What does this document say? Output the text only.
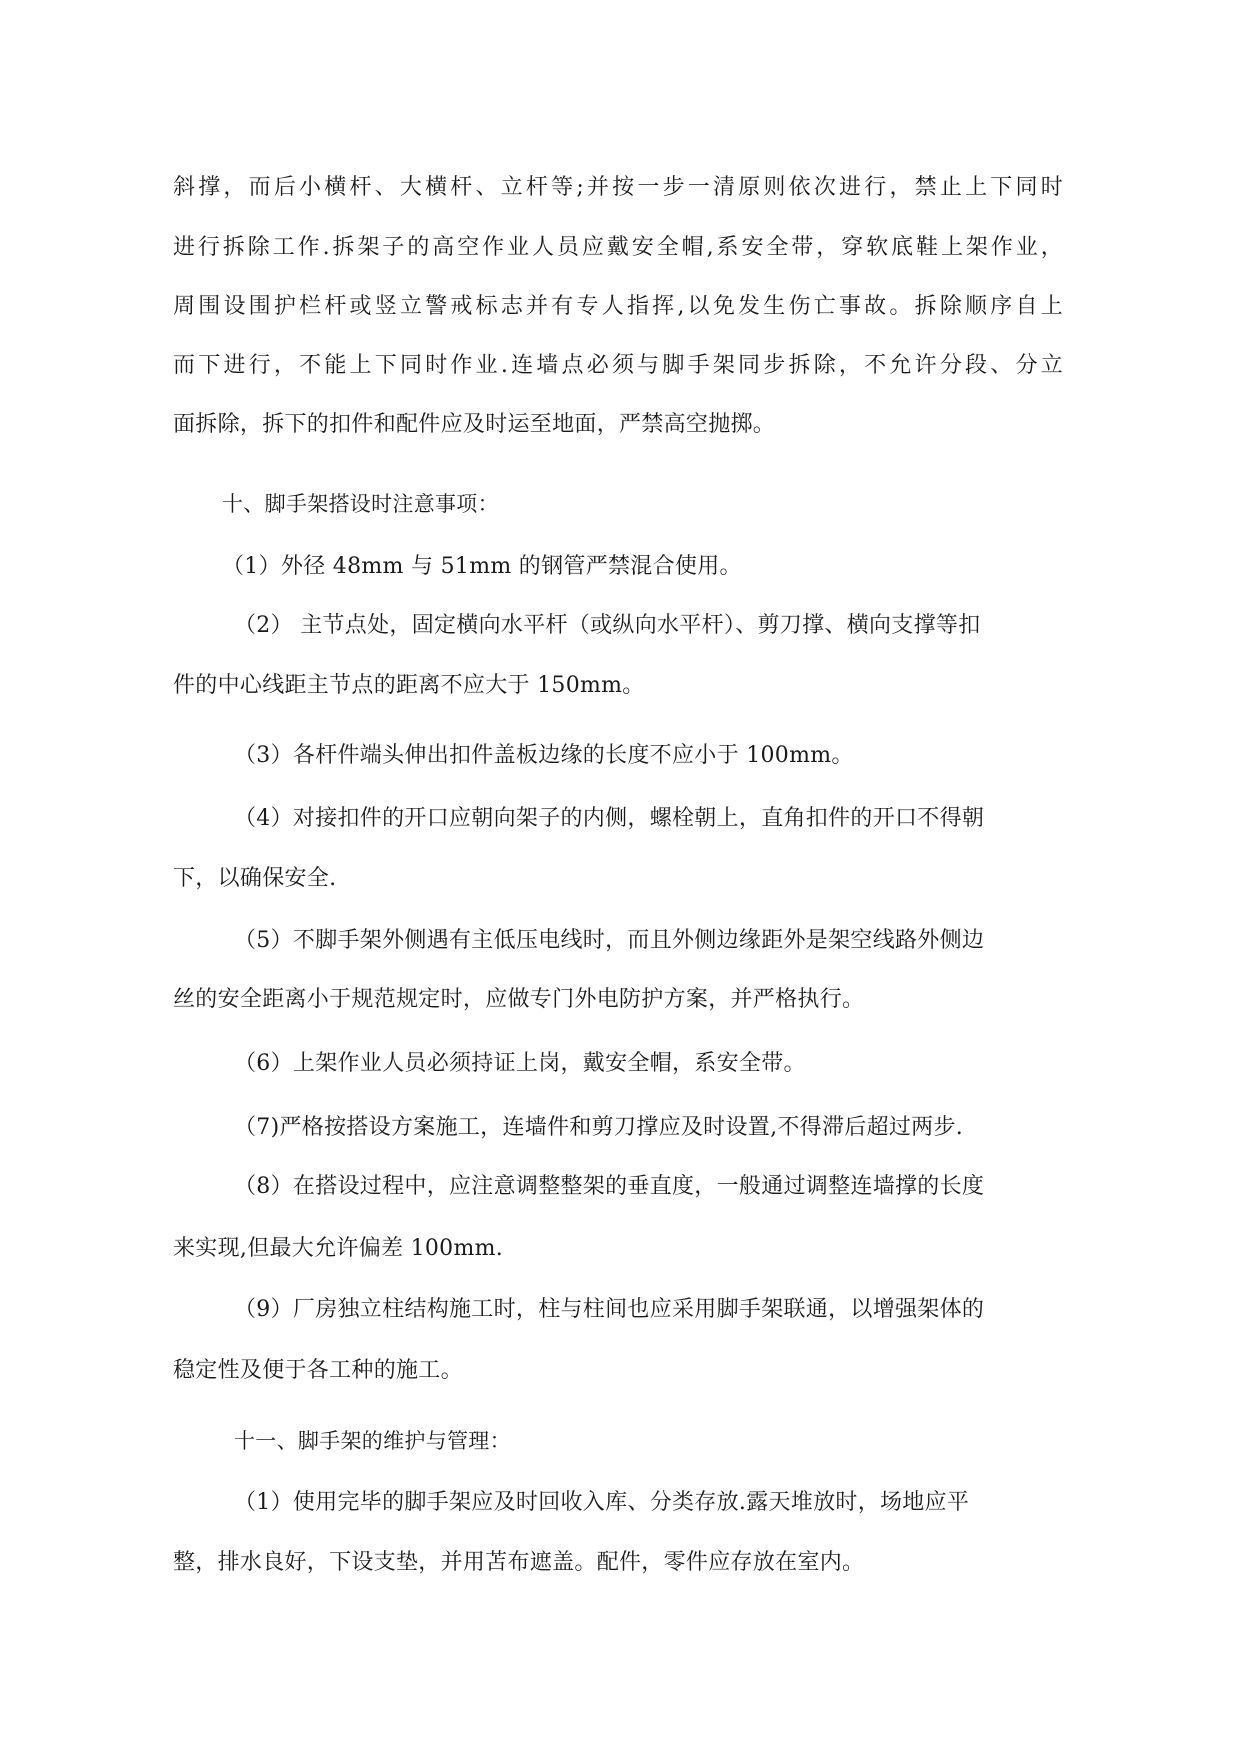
斜撑，而后小横杆、大横杆、立杆等;并按一步一清原则依次进行，禁止上下同时
进行拆除工作.拆架子的高空作业人员应戴安全帽,系安全带，穿软底鞋上架作业，
周围设围护栏杆或竖立警戒标志并有专人指挥,以免发生伤亡事故。拆除顺序自上
而下进行，不能上下同时作业.连墙点必须与脚手架同步拆除，不允许分段、分立
面拆除，拆下的扣件和配件应及时运至地面，严禁高空抛掷。
十、脚手架搭设时注意事项：
（1）外径 48mm 与 51mm 的钢管严禁混合使用。
（2） 主节点处，固定横向水平杆（或纵向水平杆）、剪刀撑、横向支撑等扣
件的中心线距主节点的距离不应大于 150mm。
（3）各杆件端头伸出扣件盖板边缘的长度不应小于 100mm。
（4）对接扣件的开口应朝向架子的内侧，螺栓朝上，直角扣件的开口不得朝
下，以确保安全.
（5）不脚手架外侧遇有主低压电线时，而且外侧边缘距外是架空线路外侧边
丝的安全距离小于规范规定时，应做专门外电防护方案，并严格执行。
（6）上架作业人员必须持证上岗，戴安全帽，系安全带。
（7)严格按搭设方案施工，连墙件和剪刀撑应及时设置,不得滞后超过两步.
（8）在搭设过程中，应注意调整整架的垂直度，一般通过调整连墙撑的长度
来实现,但最大允许偏差 100mm.
（9）厂房独立柱结构施工时，柱与柱间也应采用脚手架联通，以增强架体的
稳定性及便于各工种的施工。
十一、脚手架的维护与管理：
（1）使用完毕的脚手架应及时回收入库、分类存放.露天堆放时，场地应平
整，排水良好，下设支垫，并用苫布遮盖。配件，零件应存放在室内。
